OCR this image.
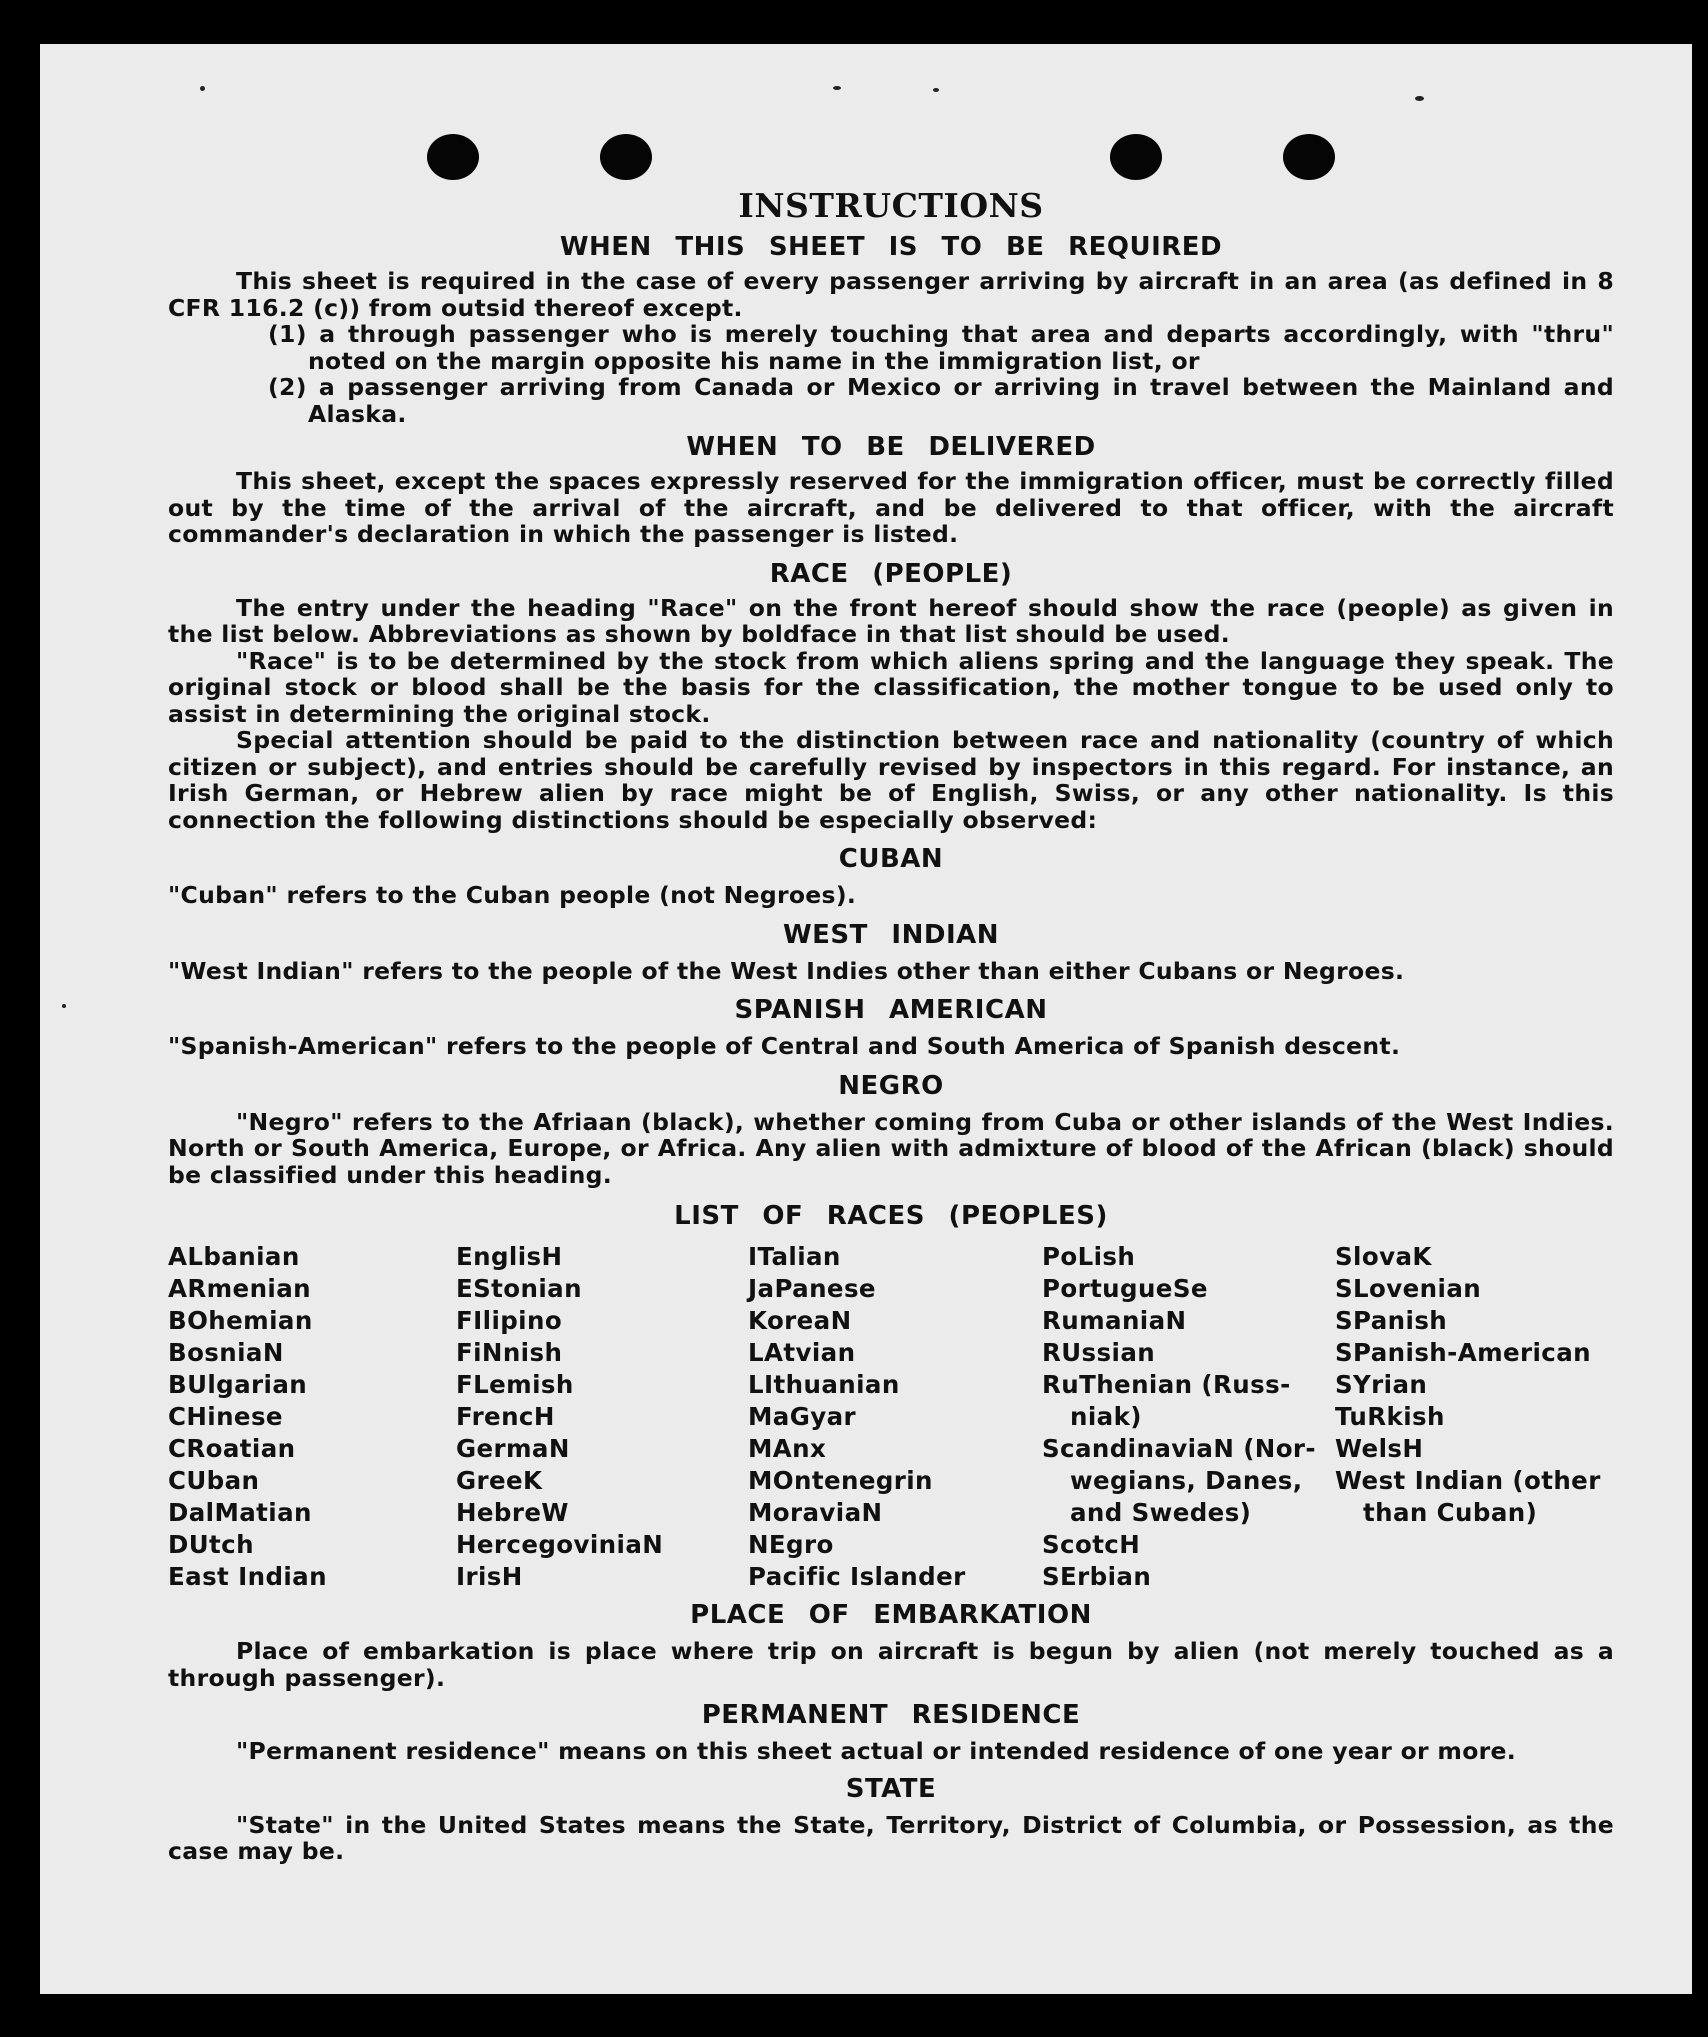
INSTRUCTIONS
WHEN THIS SHEET IS TO BE REQUIRED
This sheet is required in the case of every passenger arriving by aircraft in an area (as defined in 8 CFR 116.2 (c)) from outsid thereof except.
(1) a through passenger who is merely touching that area and departs accordingly, with "thru" noted on the margin opposite his name in the immigration list, or
(2) a passenger arriving from Canada or Mexico or arriving in travel between the Mainland and Alaska.
WHEN TO BE DELIVERED
This sheet, except the spaces expressly reserved for the immigration officer, must be correctly filled out by the time of the arrival of the aircraft, and be delivered to that officer, with the aircraft commander's declaration in which the passenger is listed.
RACE (PEOPLE)
The entry under the heading "Race" on the front hereof should show the race (people) as given in the list below. Abbreviations as shown by boldface in that list should be used.
"Race" is to be determined by the stock from which aliens spring and the language they speak. The original stock or blood shall be the basis for the classification, the mother tongue to be used only to assist in determining the original stock.
Special attention should be paid to the distinction between race and nationality (country of which citizen or subject), and entries should be carefully revised by inspectors in this regard. For instance, an Irish German, or Hebrew alien by race might be of English, Swiss, or any other nationality. Is this connection the following distinctions should be especially observed:
CUBAN
"Cuban" refers to the Cuban people (not Negroes).
WEST INDIAN
"West Indian" refers to the people of the West Indies other than either Cubans or Negroes.
SPANISH AMERICAN
"Spanish-American" refers to the people of Central and South America of Spanish descent.
NEGRO
"Negro" refers to the Afriaan (black), whether coming from Cuba or other islands of the West Indies. North or South America, Europe, or Africa. Any alien with admixture of blood of the African (black) should be classified under this heading.
LIST OF RACES (PEOPLES)
ALbanian
ARmenian
BOhemian
BosniaN
BUlgarian
CHinese
CRoatian
CUban
DalMatian
DUtch
East Indian
EnglisH
EStonian
FIlipino
FiNnish
FLemish
FrencH
GermaN
GreeK
HebreW
HercegoviniaN
IrisH
ITalian
JaPanese
KoreaN
LAtvian
LIthuanian
MaGyar
MAnx
MOntenegrin
MoraviaN
NEgro
Pacific Islander
PoLish
PortugueSe
RumaniaN
RUssian
RuThenian (Russ-
niak)
ScandinaviaN (Nor-
wegians, Danes,
and Swedes)
ScotcH
SErbian
SlovaK
SLovenian
SPanish
SPanish-American
SYrian
TuRkish
WelsH
West Indian (other
than Cuban)
PLACE OF EMBARKATION
Place of embarkation is place where trip on aircraft is begun by alien (not merely touched as a through passenger).
PERMANENT RESIDENCE
"Permanent residence" means on this sheet actual or intended residence of one year or more.
STATE
"State" in the United States means the State, Territory, District of Columbia, or Possession, as the case may be.
